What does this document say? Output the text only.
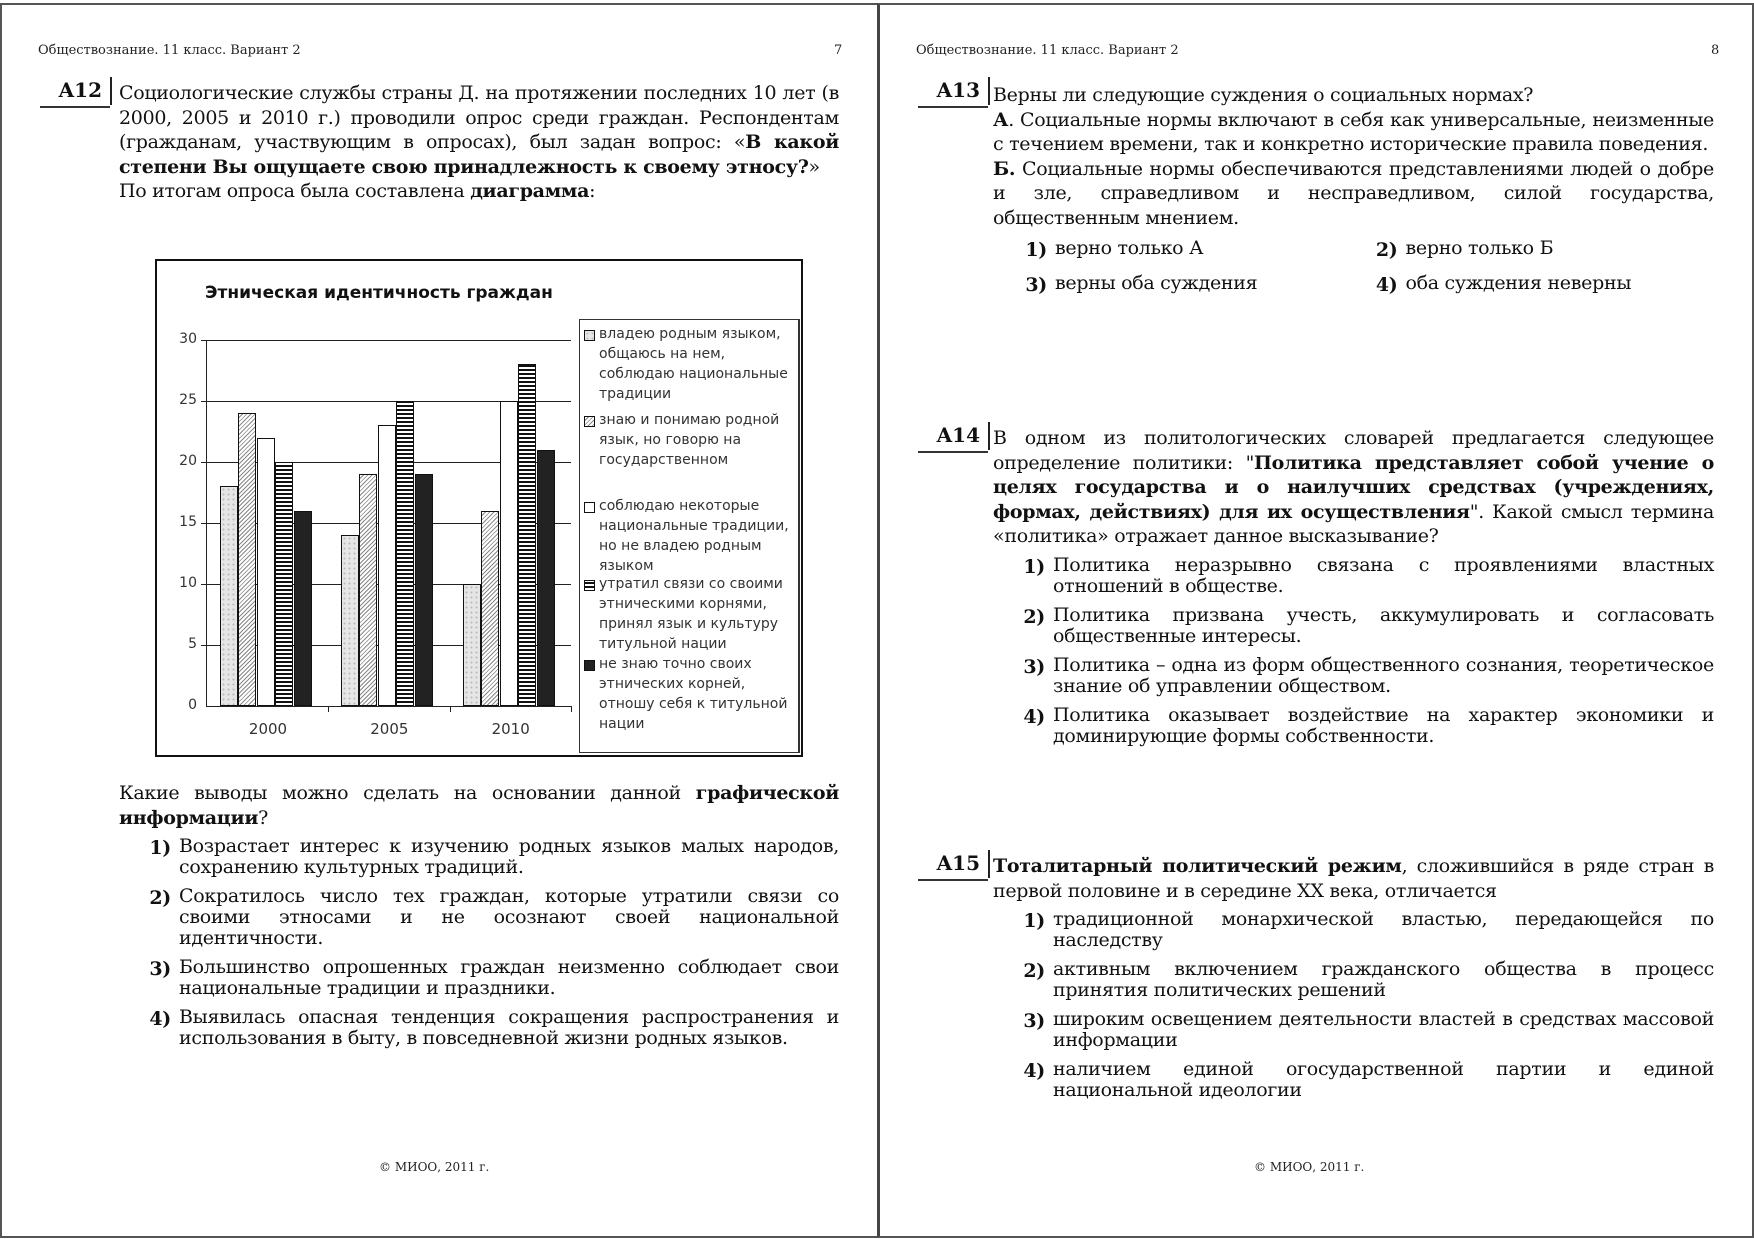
Обществознание. 11 класс. Вариант 2	7
A12 Социологические службы страны Д. на протяжении последних 10 лет (в 2000, 2005 и 2010 г.) проводили опрос среди граждан. Респондентам (гражданам, участвующим в опросах), был задан вопрос: «В какой степени Вы ощущаете свою принадлежность к своему этносу?»

По итогам опроса была составлена диаграмма:

Этническая идентичность граждан
0
5
10
15
20
25
30
2000	2005	2010
владею родным языком, общаюсь на нем, соблюдаю национальные традиции
знаю и понимаю родной язык, но говорю на государственном
соблюдаю некоторые национальные традиции, но не владею родным языком
утратил связи со своими этническими корнями, принял язык и культуру титульной нации
не знаю точно своих этнических корней, отношу себя к титульной нации

Какие выводы можно сделать на основании данной графической информации?

1) Возрастает интерес к изучению родных языков малых народов, сохранению культурных традиций.
2) Сократилось число тех граждан, которые утратили связи со своими этносами и не осознают своей национальной идентичности.
3) Большинство опрошенных граждан неизменно соблюдает свои национальные традиции и праздники.
4) Выявилась опасная тенденция сокращения распространения и использования в быту, в повседневной жизни родных языков.
© МИОО, 2011 г.
Обществознание. 11 класс. Вариант 2	8
A13 Верны ли следующие суждения о социальных нормах?

А. Социальные нормы включают в себя как универсальные, неизменные с течением времени, так и конкретно исторические правила поведения.

Б. Социальные нормы обеспечиваются представлениями людей о добре и зле, справедливом и несправедливом, силой государства, общественным мнением.

1) верно только А	2) верно только Б
3) верны оба суждения	4) оба суждения неверны
A14 В одном из политологических словарей предлагается следующее определение политики: "Политика представляет собой учение о целях государства и о наилучших средствах (учреждениях, формах, действиях) для их осуществления". Какой смысл термина «политика» отражает данное высказывание?

1) Политика неразрывно связана с проявлениями властных отношений в обществе.
2) Политика призвана учесть, аккумулировать и согласовать общественные интересы.
3) Политика – одна из форм общественного сознания, теоретическое знание об управлении обществом.
4) Политика оказывает воздействие на характер экономики и доминирующие формы собственности.
A15 Тоталитарный политический режим, сложившийся в ряде стран в первой половине и в середине XX века, отличается

1) традиционной монархической властью, передающейся по наследству
2) активным включением гражданского общества в процесс принятия политических решений
3) широким освещением деятельности властей в средствах массовой информации
4) наличием единой огосударственной партии и единой национальной идеологии
© МИОО, 2011 г.
